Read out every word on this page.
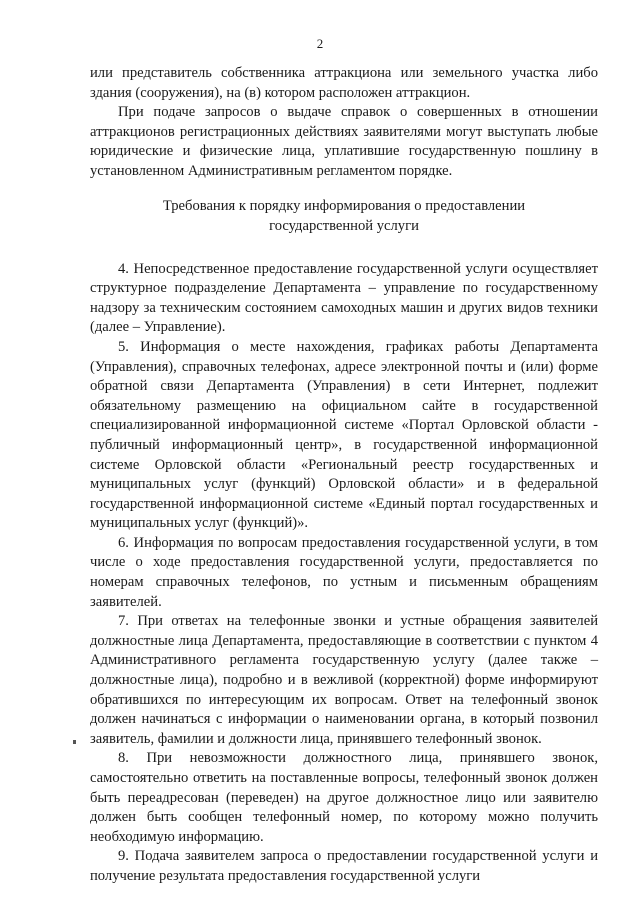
2

или представитель собственника аттракциона или земельного участка либо здания (сооружения), на (в) котором расположен аттракцион.

При подаче запросов о выдаче справок о совершенных в отношении аттракционов регистрационных действиях заявителями могут выступать любые юридические и физические лица, уплатившие государственную пошлину в установленном Административным регламентом порядке.

Требования к порядку информирования о предоставлении
государственной услуги

4. Непосредственное предоставление государственной услуги осуществляет структурное подразделение Департамента – управление по государственному надзору за техническим состоянием самоходных машин и других видов техники (далее – Управление).

5. Информация о месте нахождения, графиках работы Департамента (Управления), справочных телефонах, адресе электронной почты и (или) форме обратной связи Департамента (Управления) в сети Интернет, подлежит обязательному размещению на официальном сайте в государственной специализированной информационной системе «Портал Орловской области - публичный информационный центр», в государственной информационной системе Орловской области «Региональный реестр государственных и муниципальных услуг (функций) Орловской области» и в федеральной государственной информационной системе «Единый портал государственных и муниципальных услуг (функций)».

6. Информация по вопросам предоставления государственной услуги, в том числе о ходе предоставления государственной услуги, предоставляется по номерам справочных телефонов, по устным и письменным обращениям заявителей.

7. При ответах на телефонные звонки и устные обращения заявителей должностные лица Департамента, предоставляющие в соответствии с пунктом 4 Административного регламента государственную услугу (далее также – должностные лица), подробно и в вежливой (корректной) форме информируют обратившихся по интересующим их вопросам. Ответ на телефонный звонок должен начинаться с информации о наименовании органа, в который позвонил заявитель, фамилии и должности лица, принявшего телефонный звонок.

8. При невозможности должностного лица, принявшего звонок, самостоятельно ответить на поставленные вопросы, телефонный звонок должен быть переадресован (переведен) на другое должностное лицо или заявителю должен быть сообщен телефонный номер, по которому можно получить необходимую информацию.

9. Подача заявителем запроса о предоставлении государственной услуги и получение результата предоставления государственной услуги
